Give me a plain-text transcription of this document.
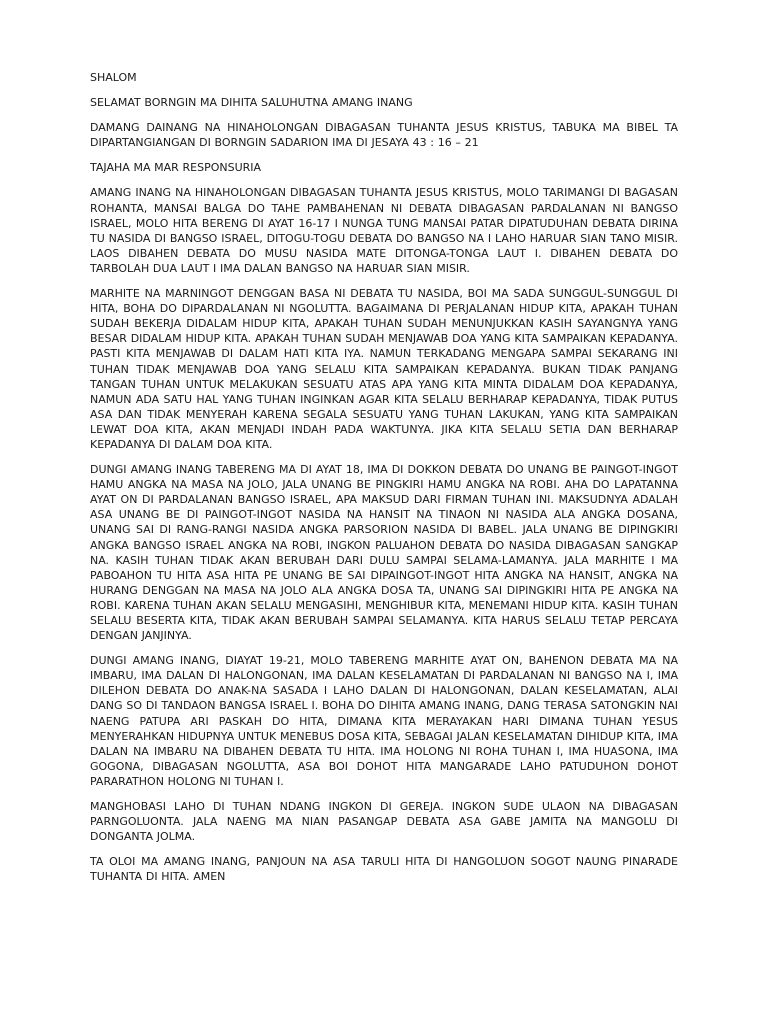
SHALOM

SELAMAT BORNGIN MA DIHITA SALUHUTNA AMANG INANG

DAMANG DAINANG NA HINAHOLONGAN DIBAGASAN TUHANTA JESUS KRISTUS, TABUKA MA BIBEL TA DIPARTANGIANGAN DI BORNGIN SADARION IMA DI JESAYA 43 : 16 – 21

TAJAHA MA MAR RESPONSURIA

AMANG INANG NA HINAHOLONGAN DIBAGASAN TUHANTA JESUS KRISTUS, MOLO TARIMANGI DI BAGASAN ROHANTA, MANSAI BALGA DO TAHE PAMBAHENAN NI DEBATA DIBAGASAN PARDALANAN NI BANGSO ISRAEL, MOLO HITA BERENG DI AYAT 16-17 I NUNGA TUNG MANSAI PATAR DIPATUDUHAN DEBATA DIRINA TU NASIDA DI BANGSO ISRAEL, DITOGU-TOGU DEBATA DO BANGSO NA I LAHO HARUAR SIAN TANO MISIR. LAOS DIBAHEN DEBATA DO MUSU NASIDA MATE DITONGA-TONGA LAUT I. DIBAHEN DEBATA DO TARBOLAH DUA LAUT I IMA DALAN BANGSO NA HARUAR SIAN MISIR.

MARHITE NA MARNINGOT DENGGAN BASA NI DEBATA TU NASIDA, BOI MA SADA SUNGGUL-SUNGGUL DI HITA, BOHA DO DIPARDALANAN NI NGOLUTTA. BAGAIMANA DI PERJALANAN HIDUP KITA, APAKAH TUHAN SUDAH BEKERJA DIDALAM HIDUP KITA, APAKAH TUHAN SUDAH MENUNJUKKAN KASIH SAYANGNYA YANG BESAR DIDALAM HIDUP KITA. APAKAH TUHAN SUDAH MENJAWAB DOA YANG KITA SAMPAIKAN KEPADANYA. PASTI KITA MENJAWAB DI DALAM HATI KITA IYA. NAMUN TERKADANG MENGAPA SAMPAI SEKARANG INI TUHAN TIDAK MENJAWAB DOA YANG SELALU KITA SAMPAIKAN KEPADANYA. BUKAN TIDAK PANJANG TANGAN TUHAN UNTUK MELAKUKAN SESUATU ATAS APA YANG KITA MINTA DIDALAM DOA KEPADANYA, NAMUN ADA SATU HAL YANG TUHAN INGINKAN AGAR KITA SELALU BERHARAP KEPADANYA, TIDAK PUTUS ASA DAN TIDAK MENYERAH KARENA SEGALA SESUATU YANG TUHAN LAKUKAN, YANG KITA SAMPAIKAN LEWAT DOA KITA, AKAN MENJADI INDAH PADA WAKTUNYA. JIKA KITA SELALU SETIA DAN BERHARAP KEPADANYA DI DALAM DOA KITA.

DUNGI AMANG INANG TABERENG MA DI AYAT 18, IMA DI DOKKON DEBATA DO UNANG BE PAINGOT-INGOT HAMU ANGKA NA MASA NA JOLO, JALA UNANG BE PINGKIRI HAMU ANGKA NA ROBI. AHA DO LAPATANNA AYAT ON DI PARDALANAN BANGSO ISRAEL, APA MAKSUD DARI FIRMAN TUHAN INI. MAKSUDNYA ADALAH ASA UNANG BE DI PAINGOT-INGOT NASIDA NA HANSIT NA TINAON NI NASIDA ALA ANGKA DOSANA, UNANG SAI DI RANG-RANGI NASIDA ANGKA PARSORION NASIDA DI BABEL. JALA UNANG BE DIPINGKIRI ANGKA BANGSO ISRAEL ANGKA NA ROBI, INGKON PALUAHON DEBATA DO NASIDA DIBAGASAN SANGKAP NA. KASIH TUHAN TIDAK AKAN BERUBAH DARI DULU SAMPAI SELAMA-LAMANYA. JALA MARHITE I MA PABOAHON TU HITA ASA HITA PE UNANG BE SAI DIPAINGOT-INGOT HITA ANGKA NA HANSIT, ANGKA NA HURANG DENGGAN NA MASA NA JOLO ALA ANGKA DOSA TA, UNANG SAI DIPINGKIRI HITA PE ANGKA NA ROBI. KARENA TUHAN AKAN SELALU MENGASIHI, MENGHIBUR KITA, MENEMANI HIDUP KITA. KASIH TUHAN SELALU BESERTA KITA, TIDAK AKAN BERUBAH SAMPAI SELAMANYA. KITA HARUS SELALU TETAP PERCAYA DENGAN JANJINYA.

DUNGI AMANG INANG, DIAYAT 19-21, MOLO TABERENG MARHITE AYAT ON, BAHENON DEBATA MA NA IMBARU, IMA DALAN DI HALONGONAN, IMA DALAN KESELAMATAN DI PARDALANAN NI BANGSO NA I, IMA DILEHON DEBATA DO ANAK-NA SASADA I LAHO DALAN DI HALONGONAN, DALAN KESELAMATAN, ALAI DANG SO DI TANDAON BANGSA ISRAEL I. BOHA DO DIHITA AMANG INANG, DANG TERASA SATONGKIN NAI NAENG PATUPA ARI PASKAH DO HITA, DIMANA KITA MERAYAKAN HARI DIMANA TUHAN YESUS MENYERAHKAN HIDUPNYA UNTUK MENEBUS DOSA KITA, SEBAGAI JALAN KESELAMATAN DIHIDUP KITA, IMA DALAN NA IMBARU NA DIBAHEN DEBATA TU HITA. IMA HOLONG NI ROHA TUHAN I, IMA HUASONA, IMA GOGONA, DIBAGASAN NGOLUTTA, ASA BOI DOHOT HITA MANGARADE LAHO PATUDUHON DOHOT PARARATHON HOLONG NI TUHAN I.

MANGHOBASI LAHO DI TUHAN NDANG INGKON DI GEREJA. INGKON SUDE ULAON NA DIBAGASAN PARNGOLUONTA. JALA NAENG MA NIAN PASANGAP DEBATA ASA GABE JAMITA NA MANGOLU DI DONGANTA JOLMA.

TA OLOI MA AMANG INANG, PANJOUN NA ASA TARULI HITA DI HANGOLUON SOGOT NAUNG PINARADE TUHANTA DI HITA. AMEN
